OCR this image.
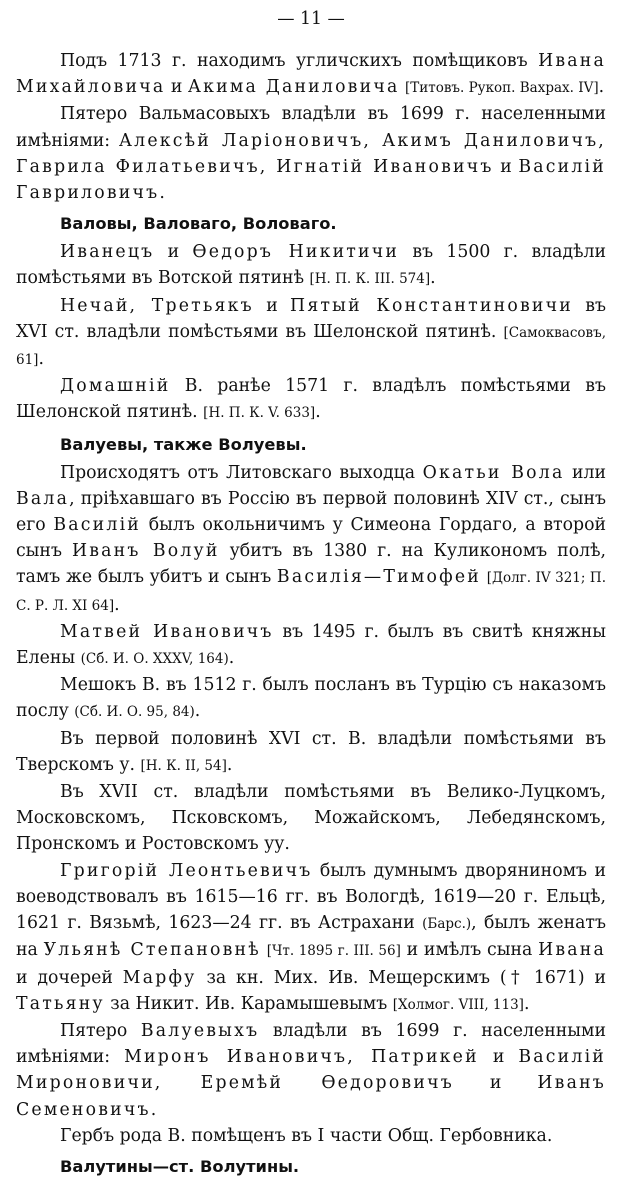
— 11 —

Подъ 1713 г. находимъ угличскихъ помѣщиковъ Ивана Михайловича и Акима Даниловича [Титовъ. Рукоп. Вахрах. IV].

Пятеро Вальмасовыхъ владѣли въ 1699 г. населенными имѣніями: Алексѣй Ларіоновичъ, Акимъ Даниловичъ, Гаврила Филатьевичъ, Игнатій Ивановичъ и Василій Гавриловичъ.

Валовы, Валоваго, Воловаго.

Иванецъ и Ѳедоръ Никитичи въ 1500 г. владѣли помѣстьями въ Вотской пятинѣ [Н. П. К. III. 574].

Нечай, Третьякъ и Пятый Константиновичи въ XVI ст. владѣли помѣстьями въ Шелонской пятинѣ. [Самоквасовъ, 61].

Домашній В. ранѣе 1571 г. владѣлъ помѣстьями въ Шелонской пятинѣ. [Н. П. К. V. 633].

Валуевы, также Волуевы.

Происходятъ отъ Литовскаго выходца Окатьи Вола или Вала, пріѣхавшаго въ Россію въ первой половинѣ XIV ст., сынъ его Василій былъ окольничимъ у Симеона Гордаго, а второй сынъ Иванъ Волуй убитъ въ 1380 г. на Куликономъ полѣ, тамъ же былъ убитъ и сынъ Василія—Тимофей [Долг. IV 321; П. С. Р. Л. XI 64].

Матвей Ивановичъ въ 1495 г. былъ въ свитѣ княжны Елены (Сб. И. О. XXXV, 164).

Мешокъ В. въ 1512 г. былъ посланъ въ Турцію съ наказомъ послу (Сб. И. О. 95, 84).

Въ первой половинѣ XVI ст. В. владѣли помѣстьями въ Тверскомъ у. [Н. К. II, 54].

Въ XVII ст. владѣли помѣстьями въ Велико-Луцкомъ, Московскомъ, Псковскомъ, Можайскомъ, Лебедянскомъ, Пронскомъ и Ростовскомъ уу.

Григорій Леонтьевичъ былъ думнымъ дворяниномъ и воеводствовалъ въ 1615—16 гг. въ Вологдѣ, 1619—20 г. Ельцѣ, 1621 г. Вязьмѣ, 1623—24 гг. въ Астрахани (Барс.), былъ женатъ на Ульянѣ Степановнѣ [Чт. 1895 г. III. 56] и имѣлъ сына Ивана и дочерей Марфу за кн. Мих. Ив. Мещерскимъ († 1671) и Татьяну за Никит. Ив. Карамышевымъ [Холмог. VIII, 113].

Пятеро Валуевыхъ владѣли въ 1699 г. населенными имѣніями: Миронъ Ивановичъ, Патрикей и Василій Мироновичи, Еремѣй Ѳедоровичъ и Иванъ Семеновичъ.

Гербъ рода В. помѣщенъ въ I части Общ. Гербовника.

Валутины—ст. Волутины.
